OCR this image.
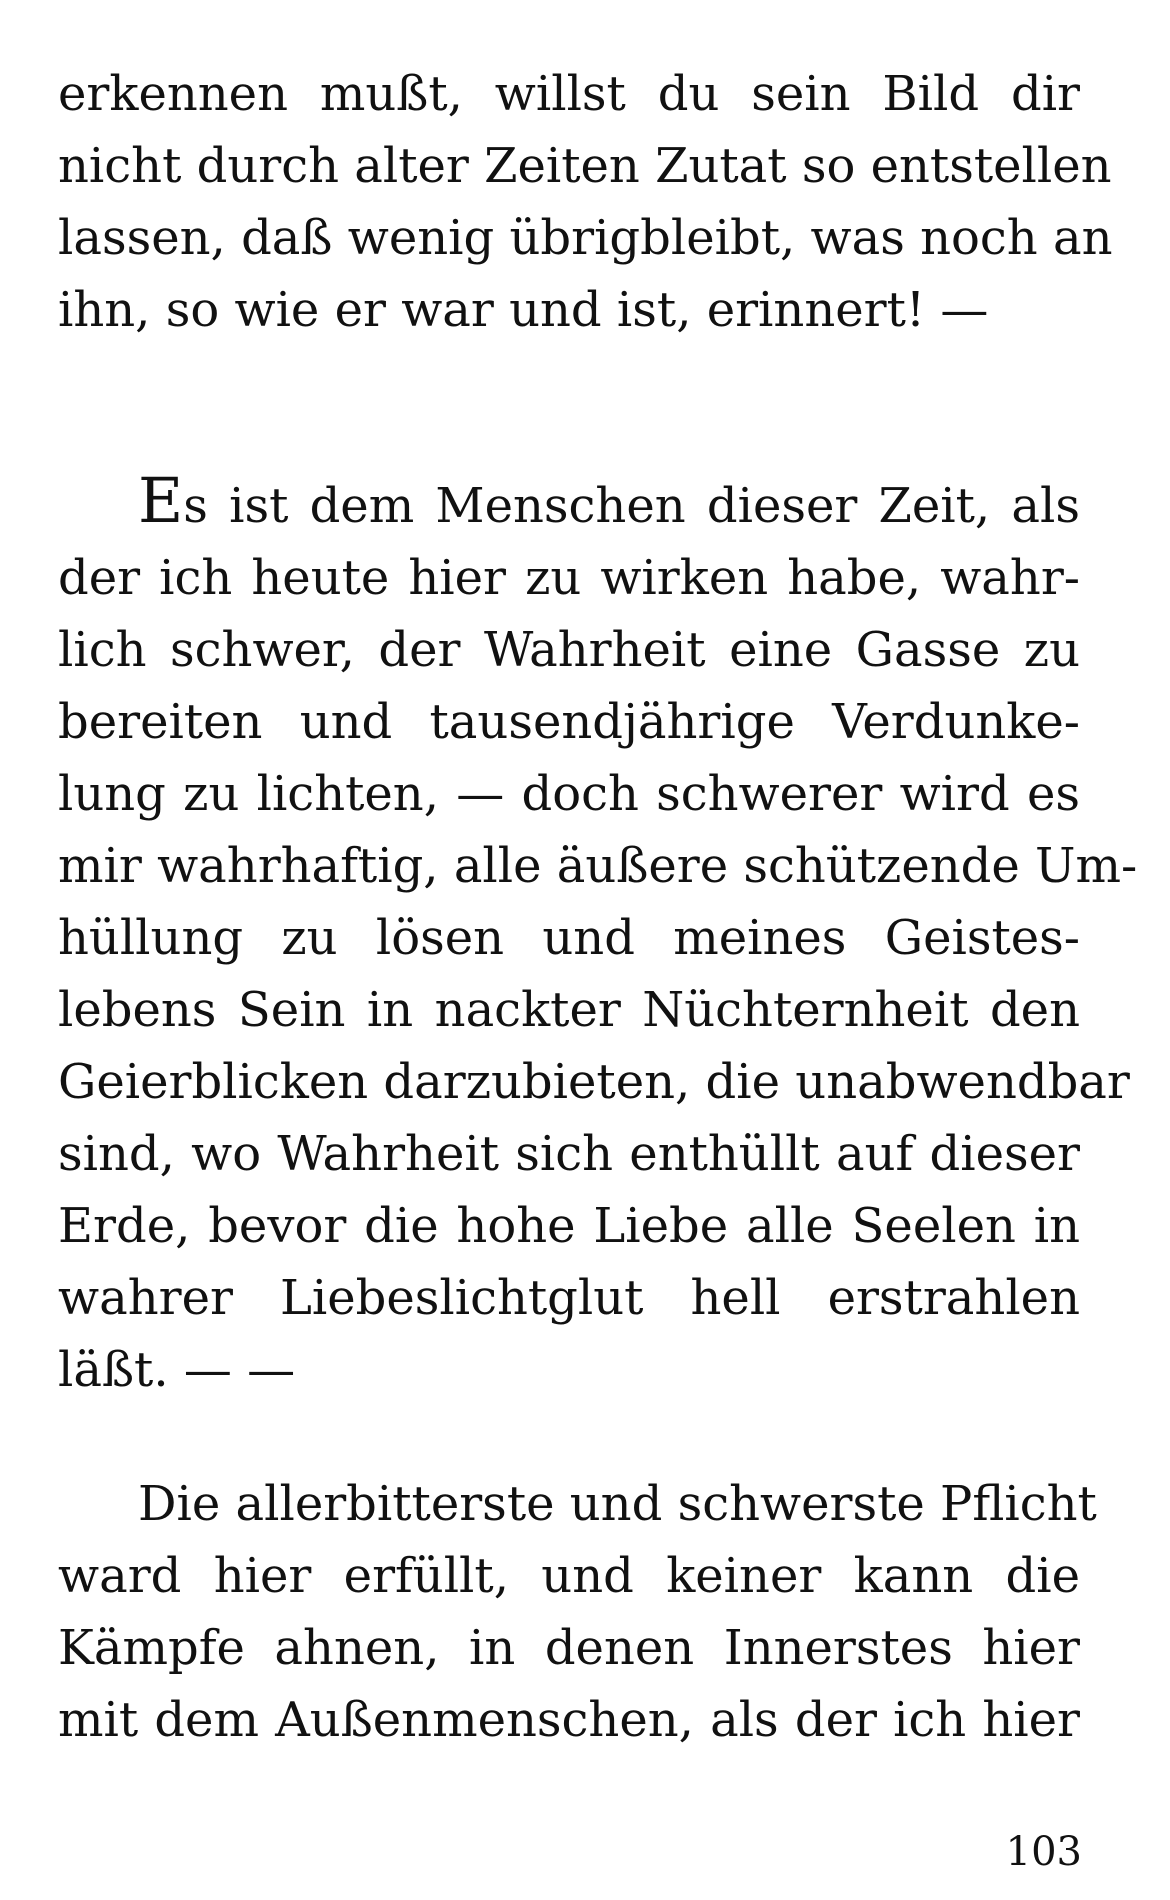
erkennen mußt, willst du sein Bild dir
nicht durch alter Zeiten Zutat so entstellen
lassen, daß wenig übrigbleibt, was noch an
ihn, so wie er war und ist, erinnert! —
Es ist dem Menschen dieser Zeit, als
der ich heute hier zu wirken habe, wahr-
lich schwer, der Wahrheit eine Gasse zu
bereiten und tausendjährige Verdunke-
lung zu lichten, — doch schwerer wird es
mir wahrhaftig, alle äußere schützende Um-
hüllung zu lösen und meines Geistes-
lebens Sein in nackter Nüchternheit den
Geierblicken darzubieten, die unabwendbar
sind, wo Wahrheit sich enthüllt auf dieser
Erde, bevor die hohe Liebe alle Seelen in
wahrer Liebeslichtglut hell erstrahlen
läßt. — —
Die allerbitterste und schwerste Pflicht
ward hier erfüllt, und keiner kann die
Kämpfe ahnen, in denen Innerstes hier
mit dem Außenmenschen, als der ich hier
103
